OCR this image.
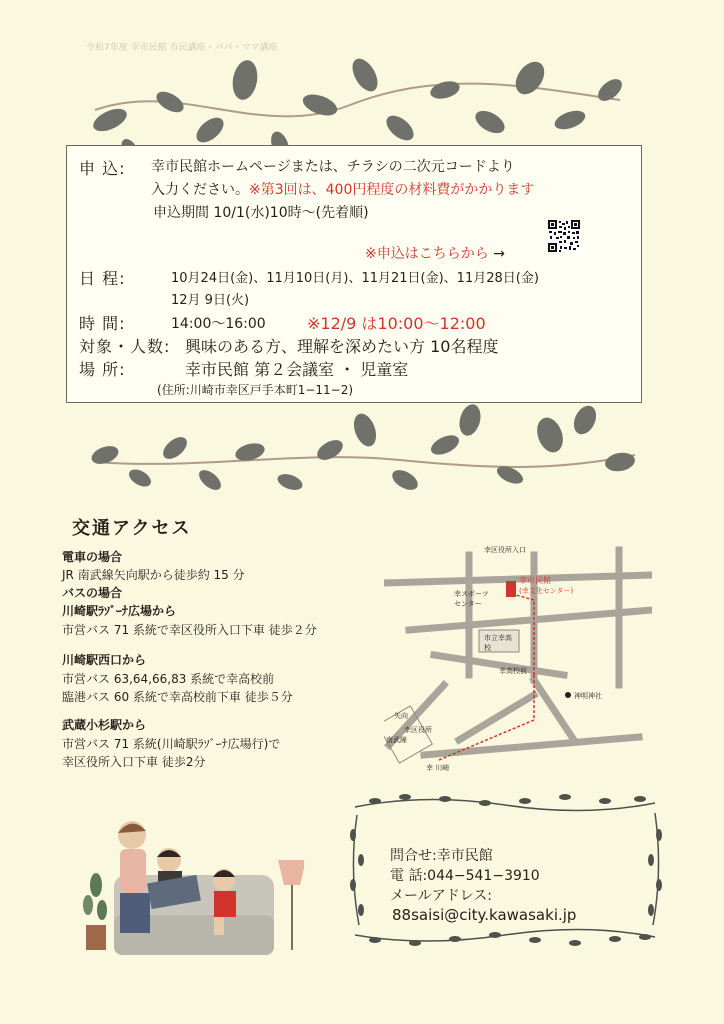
令和7年度 幸市民館 市民講座・パパ・ママ講座
申 込: 幸市民館ホームページまたは、チラシの二次元コードより
入力ください。※第3回は、400円程度の材料費がかかります
申込期間 10/1(水)10時〜(先着順)
※申込はこちらから →
日 程:	10月24日(金)、11月10日(月)、11月21日(金)、11月28日(金)
12月 9日(火)
時 間:	14:00〜16:00	※12/9 は10:00〜12:00
対象・人数: 興味のある方、理解を深めたい方 10名程度
場 所:	幸市民館 第２会議室 ・ 児童室
(住所:川崎市幸区戸手本町1−11−2)
交通アクセス
電車の場合
JR 南武線矢向駅から徒歩約 15 分
バスの場合
川崎駅ﾗｿﾞｰﾅ広場から
市営バス 71 系統で幸区役所入口下車 徒歩２分
川崎駅西口から
市営バス 63,64,66,83 系統で幸高校前
臨港バス 60 系統で幸高校前下車 徒歩５分
武蔵小杉駅から
市営バス 71 系統(川崎駅ﾗｿﾞｰﾅ広場行)で
幸区役所入口下車 徒歩2分
幸区役所入口
幸市民館
(幸文化センター)
幸スポーツセンター
市立幸高校
幸高校前
神明神社
矢向
南武線
幸区役所
幸 川崎
問合せ:幸市民館
電 話:044−541−3910
メールアドレス:
88saisi@city.kawasaki.jp
